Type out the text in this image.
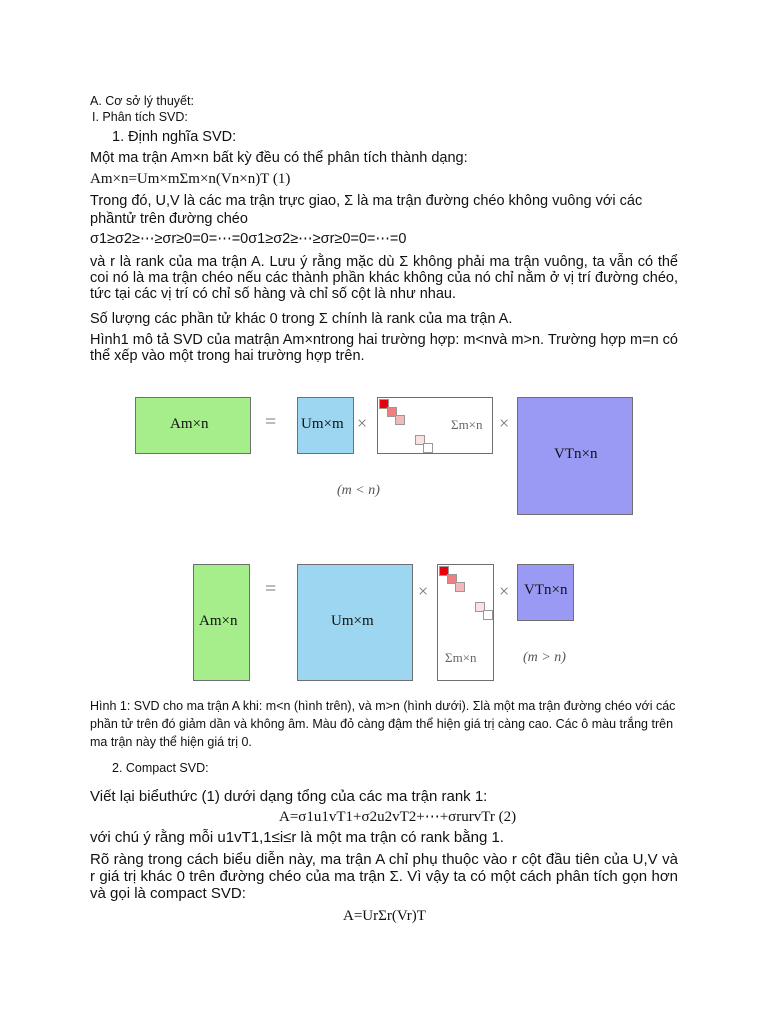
A. Cơ sở lý thuyết:
I. Phân tích SVD:
1. Định nghĩa SVD:
Một ma trận Am×n bất kỳ đều có thể phân tích thành dạng:
Am×n=Um×mΣm×n(Vn×n)T (1)
Trong đó, U,V là các ma trận trực giao, Σ là ma trận đường chéo không vuông với các
phầntử trên đường chéo
σ1≥σ2≥⋯≥σr≥0=0=⋯=0σ1≥σ2≥⋯≥σr≥0=0=⋯=0
và r là rank của ma trận A. Lưu ý rằng mặc dù Σ không phải ma trận vuông, ta vẫn có thể coi nó là ma trận chéo nếu các thành phần khác không của nó chỉ nằm ở vị trí đường chéo, tức tại các vị trí có chỉ số hàng và chỉ số cột là như nhau.
Số lượng các phần tử khác 0 trong Σ chính là rank của ma trận A.
Hình1 mô tả SVD của matrận Am×ntrong hai trường hợp: m<nvà m>n. Trường hợp m=n có thể xếp vào một trong hai trường hợp trên.
Am×n	= Um×m ×	Σm×n ×
VTn×n
(m < n)
Am×n
=
Um×m
×
Σm×n
× VTn×n
(m > n)
Hình 1: SVD cho ma trận A khi: m<n (hình trên), và m>n (hình dưới). Σlà một ma trận đường chéo với các phần tử trên đó giảm dần và không âm. Màu đỏ càng đậm thể hiện giá trị càng cao. Các ô màu trắng trên ma trận này thể hiện giá trị 0.
2. Compact SVD:
Viết lại biểuthức (1) dưới dạng tổng của các ma trận rank 1:
A=σ1u1vT1+σ2u2vT2+⋯+σrurvTr (2)
với chú ý rằng mỗi u1vT1,1≤i≤r là một ma trận có rank bằng 1.
Rõ ràng trong cách biểu diễn này, ma trận A chỉ phụ thuộc vào r cột đầu tiên của U,V và r giá trị khác 0 trên đường chéo của ma trận Σ. Vì vậy ta có một cách phân tích gọn hơn và gọi là compact SVD:
A=UrΣr(Vr)T
